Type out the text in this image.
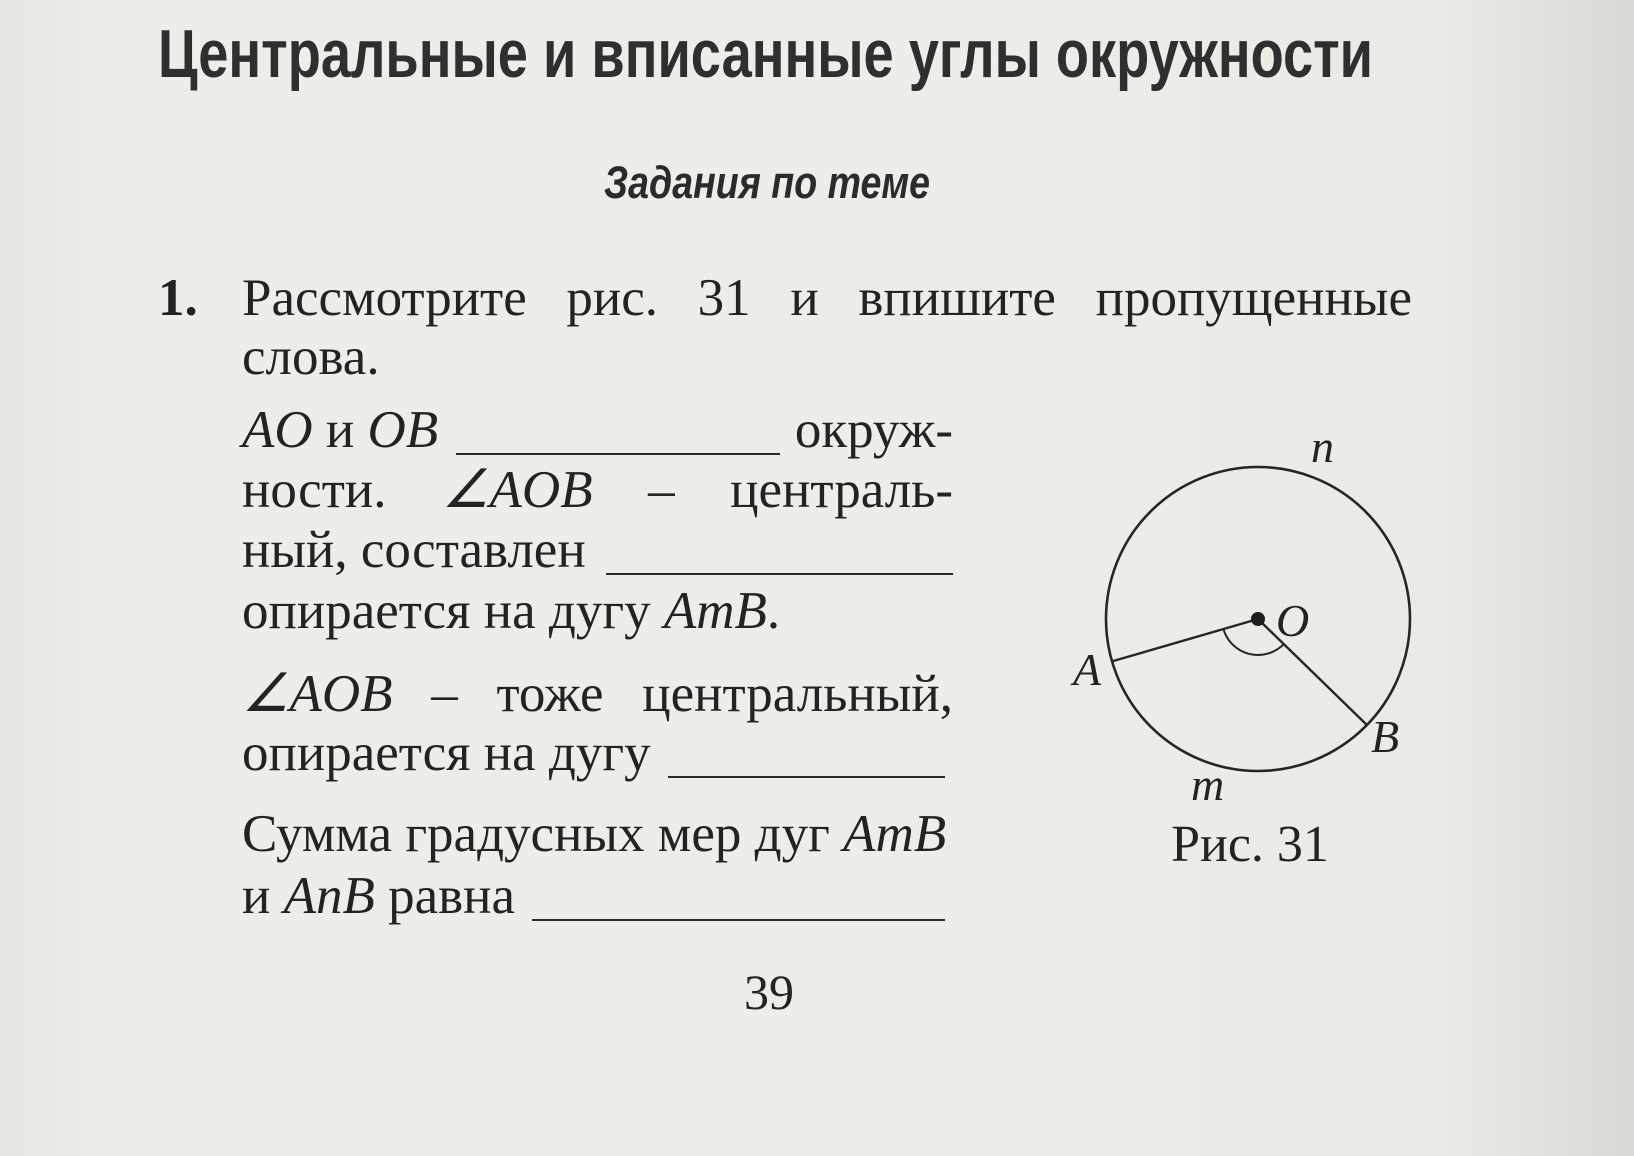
Центральные и вписанные углы окружности
Задания по теме
1. Рассмотрите рис. 31 и впишите пропущенные
слова.
AO и OB	окруж-
ности. ∠AOB – централь-
ный, составлен
опирается на дугу AmB.
∠AOB – тоже центральный,
опирается на дугу
Сумма градусных мер дуг AmB
и AnB равна
O
A
B
n
m
Рис. 31
39
